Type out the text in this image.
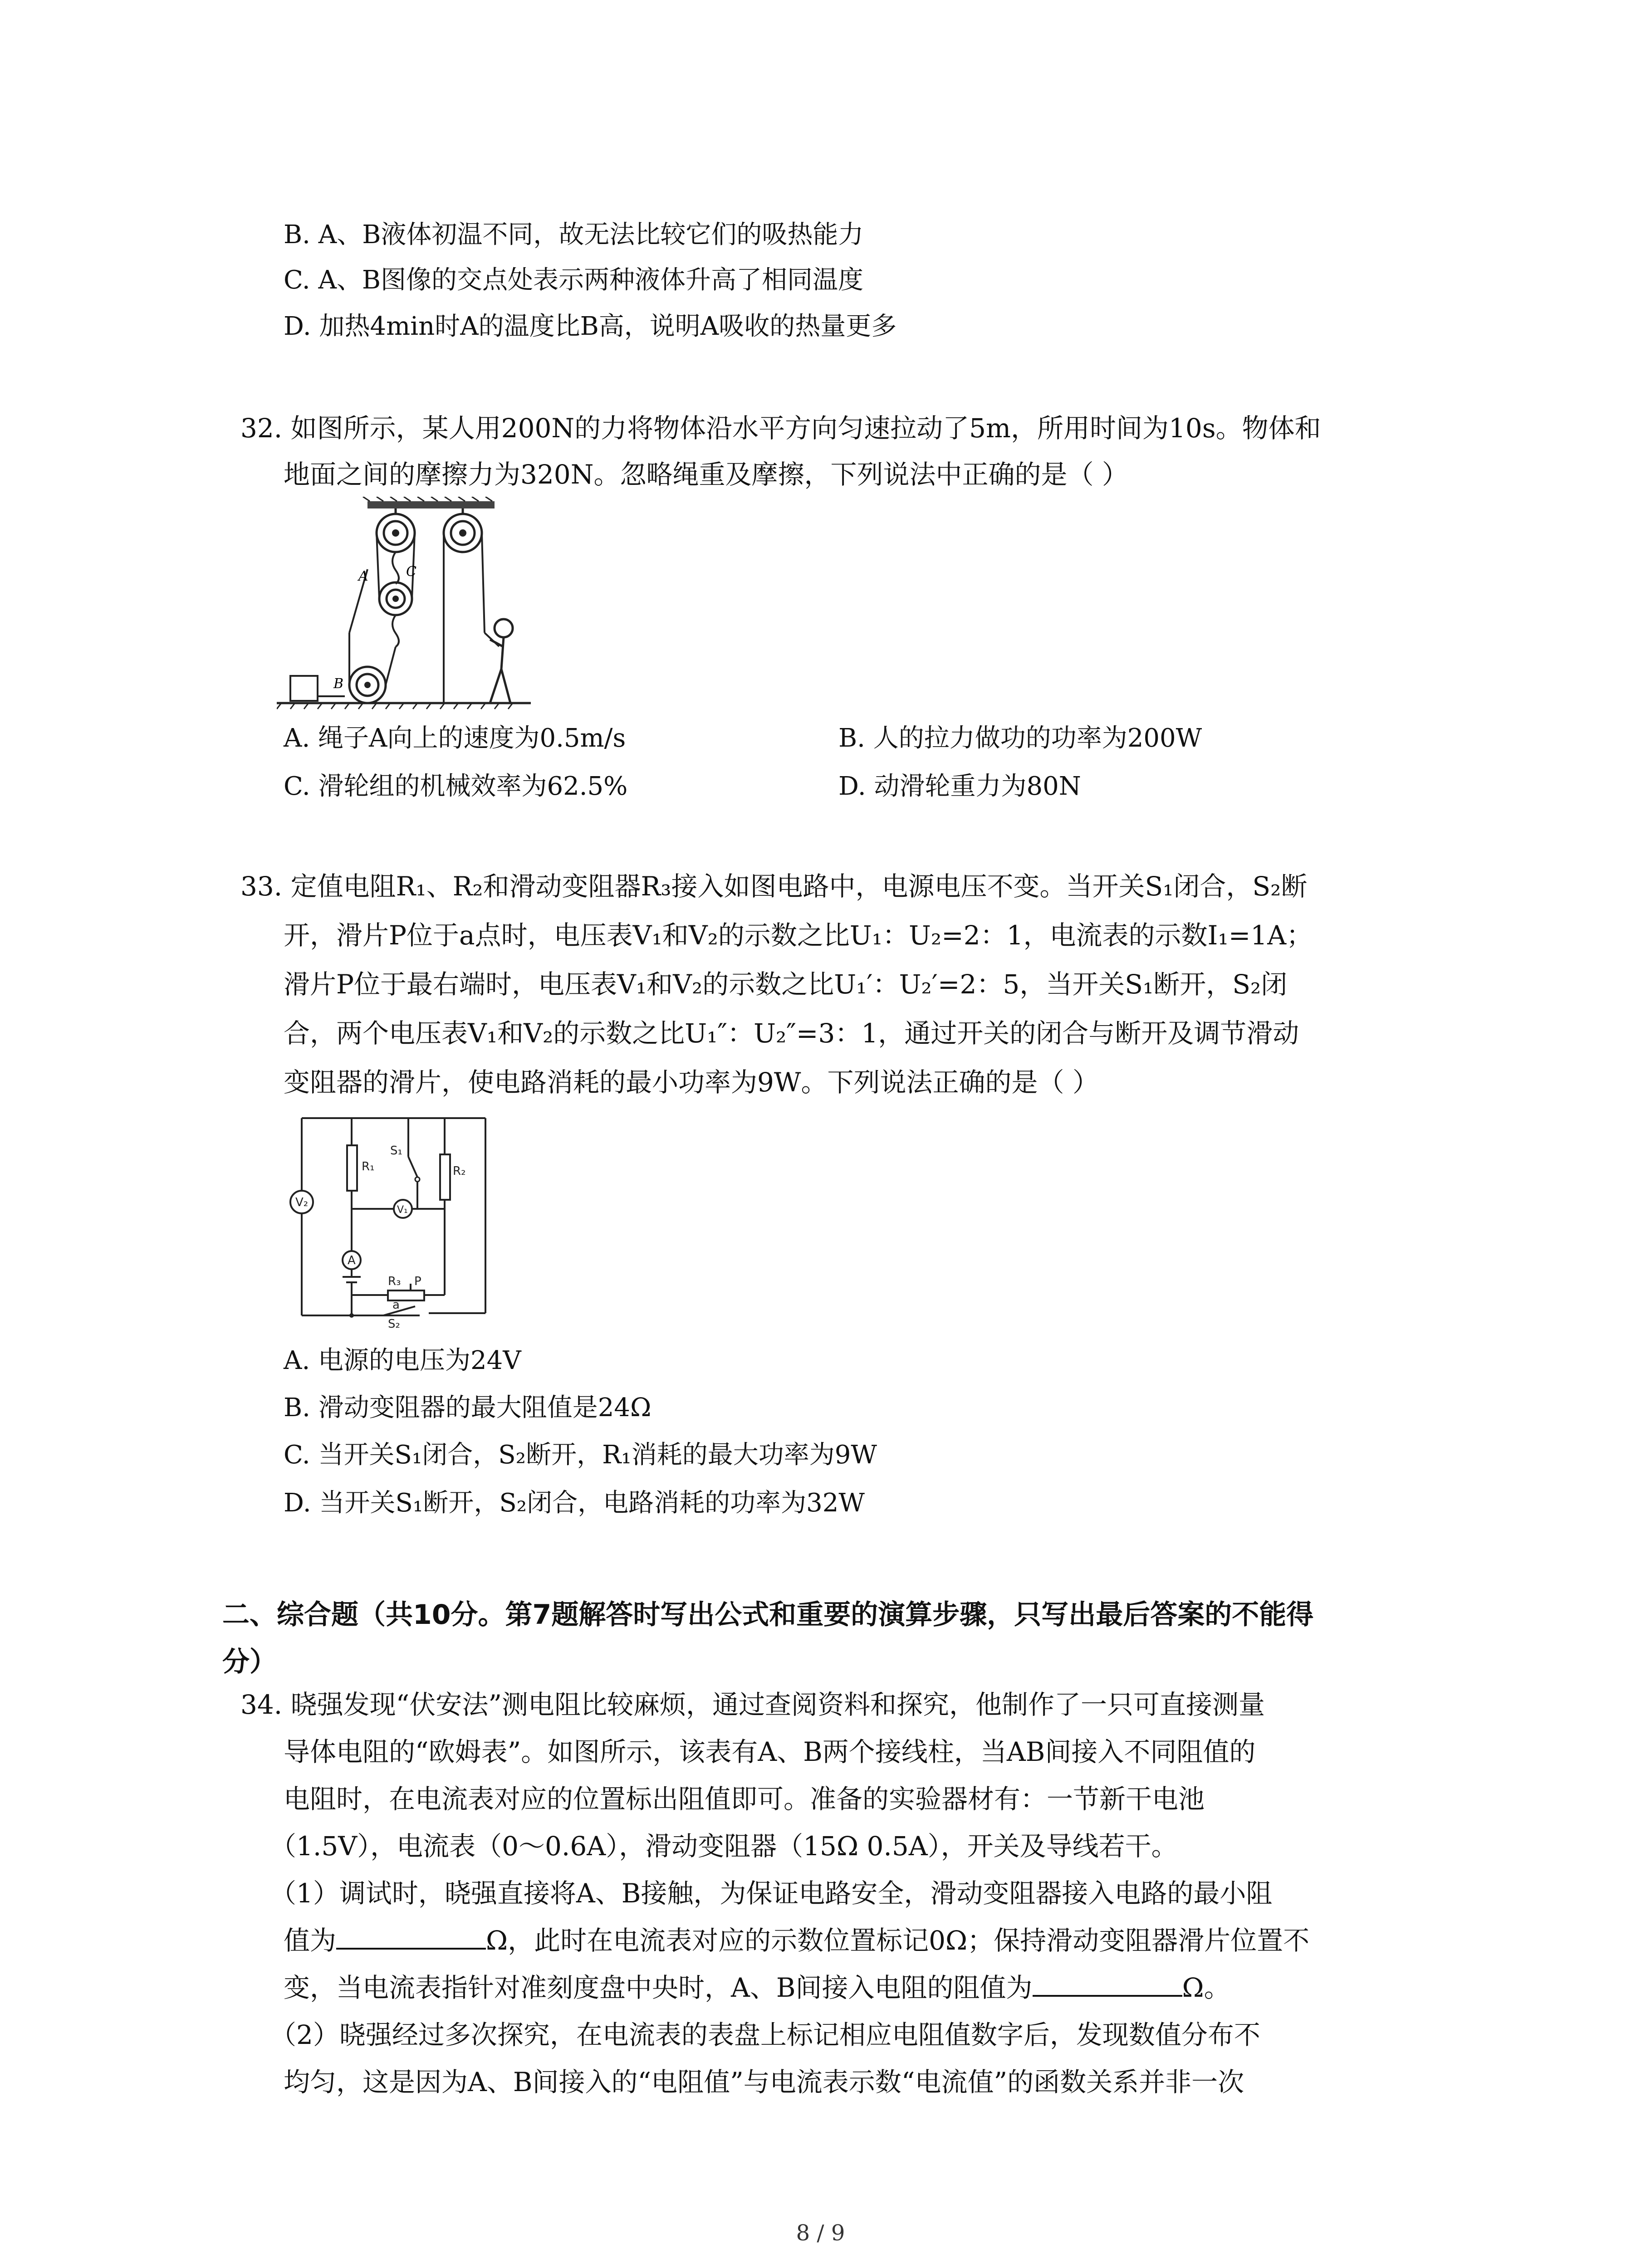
B. A、B液体初温不同，故无法比较它们的吸热能力
C. A、B图像的交点处表示两种液体升高了相同温度
D. 加热4min时A的温度比B高，说明A吸收的热量更多
32. 如图所示，某人用200N的力将物体沿水平方向匀速拉动了5m，所用时间为10s。物体和
地面之间的摩擦力为320N。忽略绳重及摩擦，下列说法中正确的是（ ）
A	C
B
A. 绳子A向上的速度为0.5m/s	B. 人的拉力做功的功率为200W
C. 滑轮组的机械效率为62.5%	D. 动滑轮重力为80N
33. 定值电阻R₁、R₂和滑动变阻器R₃接入如图电路中，电源电压不变。当开关S₁闭合，S₂断
开，滑片P位于a点时，电压表V₁和V₂的示数之比U₁：U₂=2：1，电流表的示数I₁=1A；
滑片P位于最右端时，电压表V₁和V₂的示数之比U₁′：U₂′=2：5，当开关S₁断开，S₂闭
合，两个电压表V₁和V₂的示数之比U₁″：U₂″=3：1，通过开关的闭合与断开及调节滑动
变阻器的滑片，使电路消耗的最小功率为9W。下列说法正确的是（ ）
V₂
R₁
S₁
R₂
V₁
A
R₃ P
a
S₂
A. 电源的电压为24V
B. 滑动变阻器的最大阻值是24Ω
C. 当开关S₁闭合，S₂断开，R₁消耗的最大功率为9W
D. 当开关S₁断开，S₂闭合，电路消耗的功率为32W
二、综合题（共10分。第7题解答时写出公式和重要的演算步骤，只写出最后答案的不能得
分）
34. 晓强发现“伏安法”测电阻比较麻烦，通过查阅资料和探究，他制作了一只可直接测量
导体电阻的“欧姆表”。如图所示，该表有A、B两个接线柱，当AB间接入不同阻值的
电阻时，在电流表对应的位置标出阻值即可。准备的实验器材有：一节新干电池
（1.5V），电流表（0～0.6A），滑动变阻器（15Ω 0.5A），开关及导线若干。
（1）调试时，晓强直接将A、B接触，为保证电路安全，滑动变阻器接入电路的最小阻
值为	Ω，此时在电流表对应的示数位置标记0Ω；保持滑动变阻器滑片位置不
变，当电流表指针对准刻度盘中央时，A、B间接入电阻的阻值为	Ω。
（2）晓强经过多次探究，在电流表的表盘上标记相应电阻值数字后，发现数值分布不
均匀，这是因为A、B间接入的“电阻值”与电流表示数“电流值”的函数关系并非一次
8 / 9
